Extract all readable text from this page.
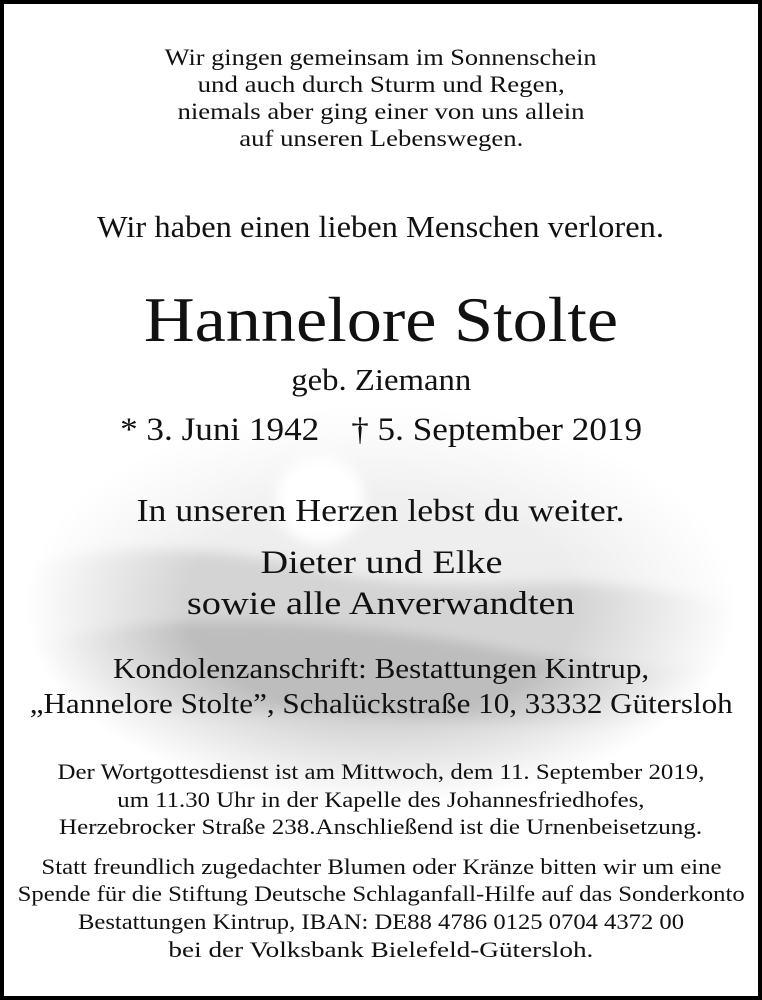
Wir gingen gemeinsam im Sonnenschein
und auch durch Sturm und Regen,
niemals aber ging einer von uns allein
auf unseren Lebenswegen.
Wir haben einen lieben Menschen verloren.
Hannelore Stolte
geb. Ziemann
* 3. Juni 1942 † 5. September 2019
In unseren Herzen lebst du weiter.
Dieter und Elke
sowie alle Anverwandten
Kondolenzanschrift: Bestattungen Kintrup,
„Hannelore Stolte”, Schalückstraße 10, 33332 Gütersloh
Der Wortgottesdienst ist am Mittwoch, dem 11. September 2019,
um 11.30 Uhr in der Kapelle des Johannesfriedhofes,
Herzebrocker Straße 238.Anschließend ist die Urnenbeisetzung.
Statt freundlich zugedachter Blumen oder Kränze bitten wir um eine
Spende für die Stiftung Deutsche Schlaganfall-Hilfe auf das Sonderkonto
Bestattungen Kintrup, IBAN: DE88 4786 0125 0704 4372 00
bei der Volksbank Bielefeld-Gütersloh.
